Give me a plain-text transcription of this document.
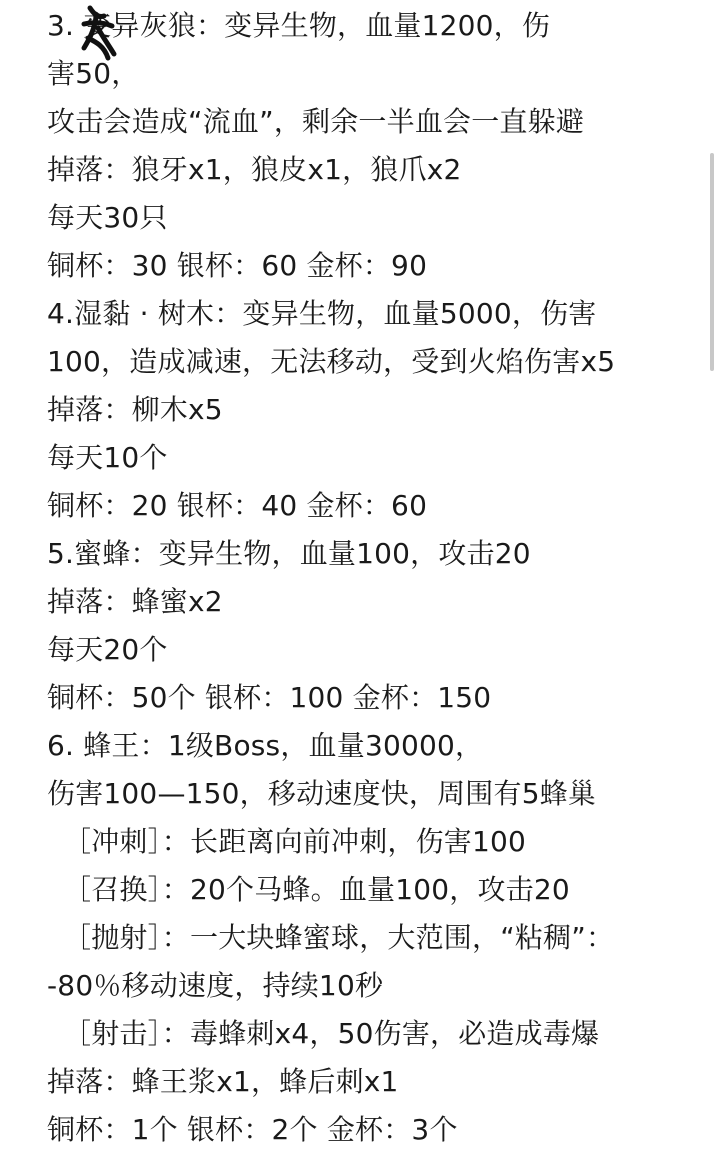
3. 变异灰狼：变异生物，血量1200，伤
害50，
攻击会造成“流血”，剩余一半血会一直躲避
掉落：狼牙x1，狼皮x1，狼爪x2
每天30只
铜杯：30 银杯：60 金杯：90
4.湿黏 · 树木：变异生物，血量5000，伤害
100，造成减速，无法移动，受到火焰伤害x5
掉落：柳木x5
每天10个
铜杯：20 银杯：40 金杯：60
5.蜜蜂：变异生物，血量100，攻击20
掉落：蜂蜜x2
每天20个
铜杯：50个 银杯：100 金杯：150
6. 蜂王：1级Boss，血量30000，
伤害100—150，移动速度快，周围有5蜂巢
［冲刺］：长距离向前冲刺，伤害100
［召换］：20个马蜂。血量100，攻击20
［抛射］：一大块蜂蜜球，大范围，“粘稠”：
-80％移动速度，持续10秒
［射击］：毒蜂刺x4，50伤害，必造成毒爆
掉落：蜂王浆x1，蜂后刺x1
铜杯：1个 银杯：2个 金杯：3个
